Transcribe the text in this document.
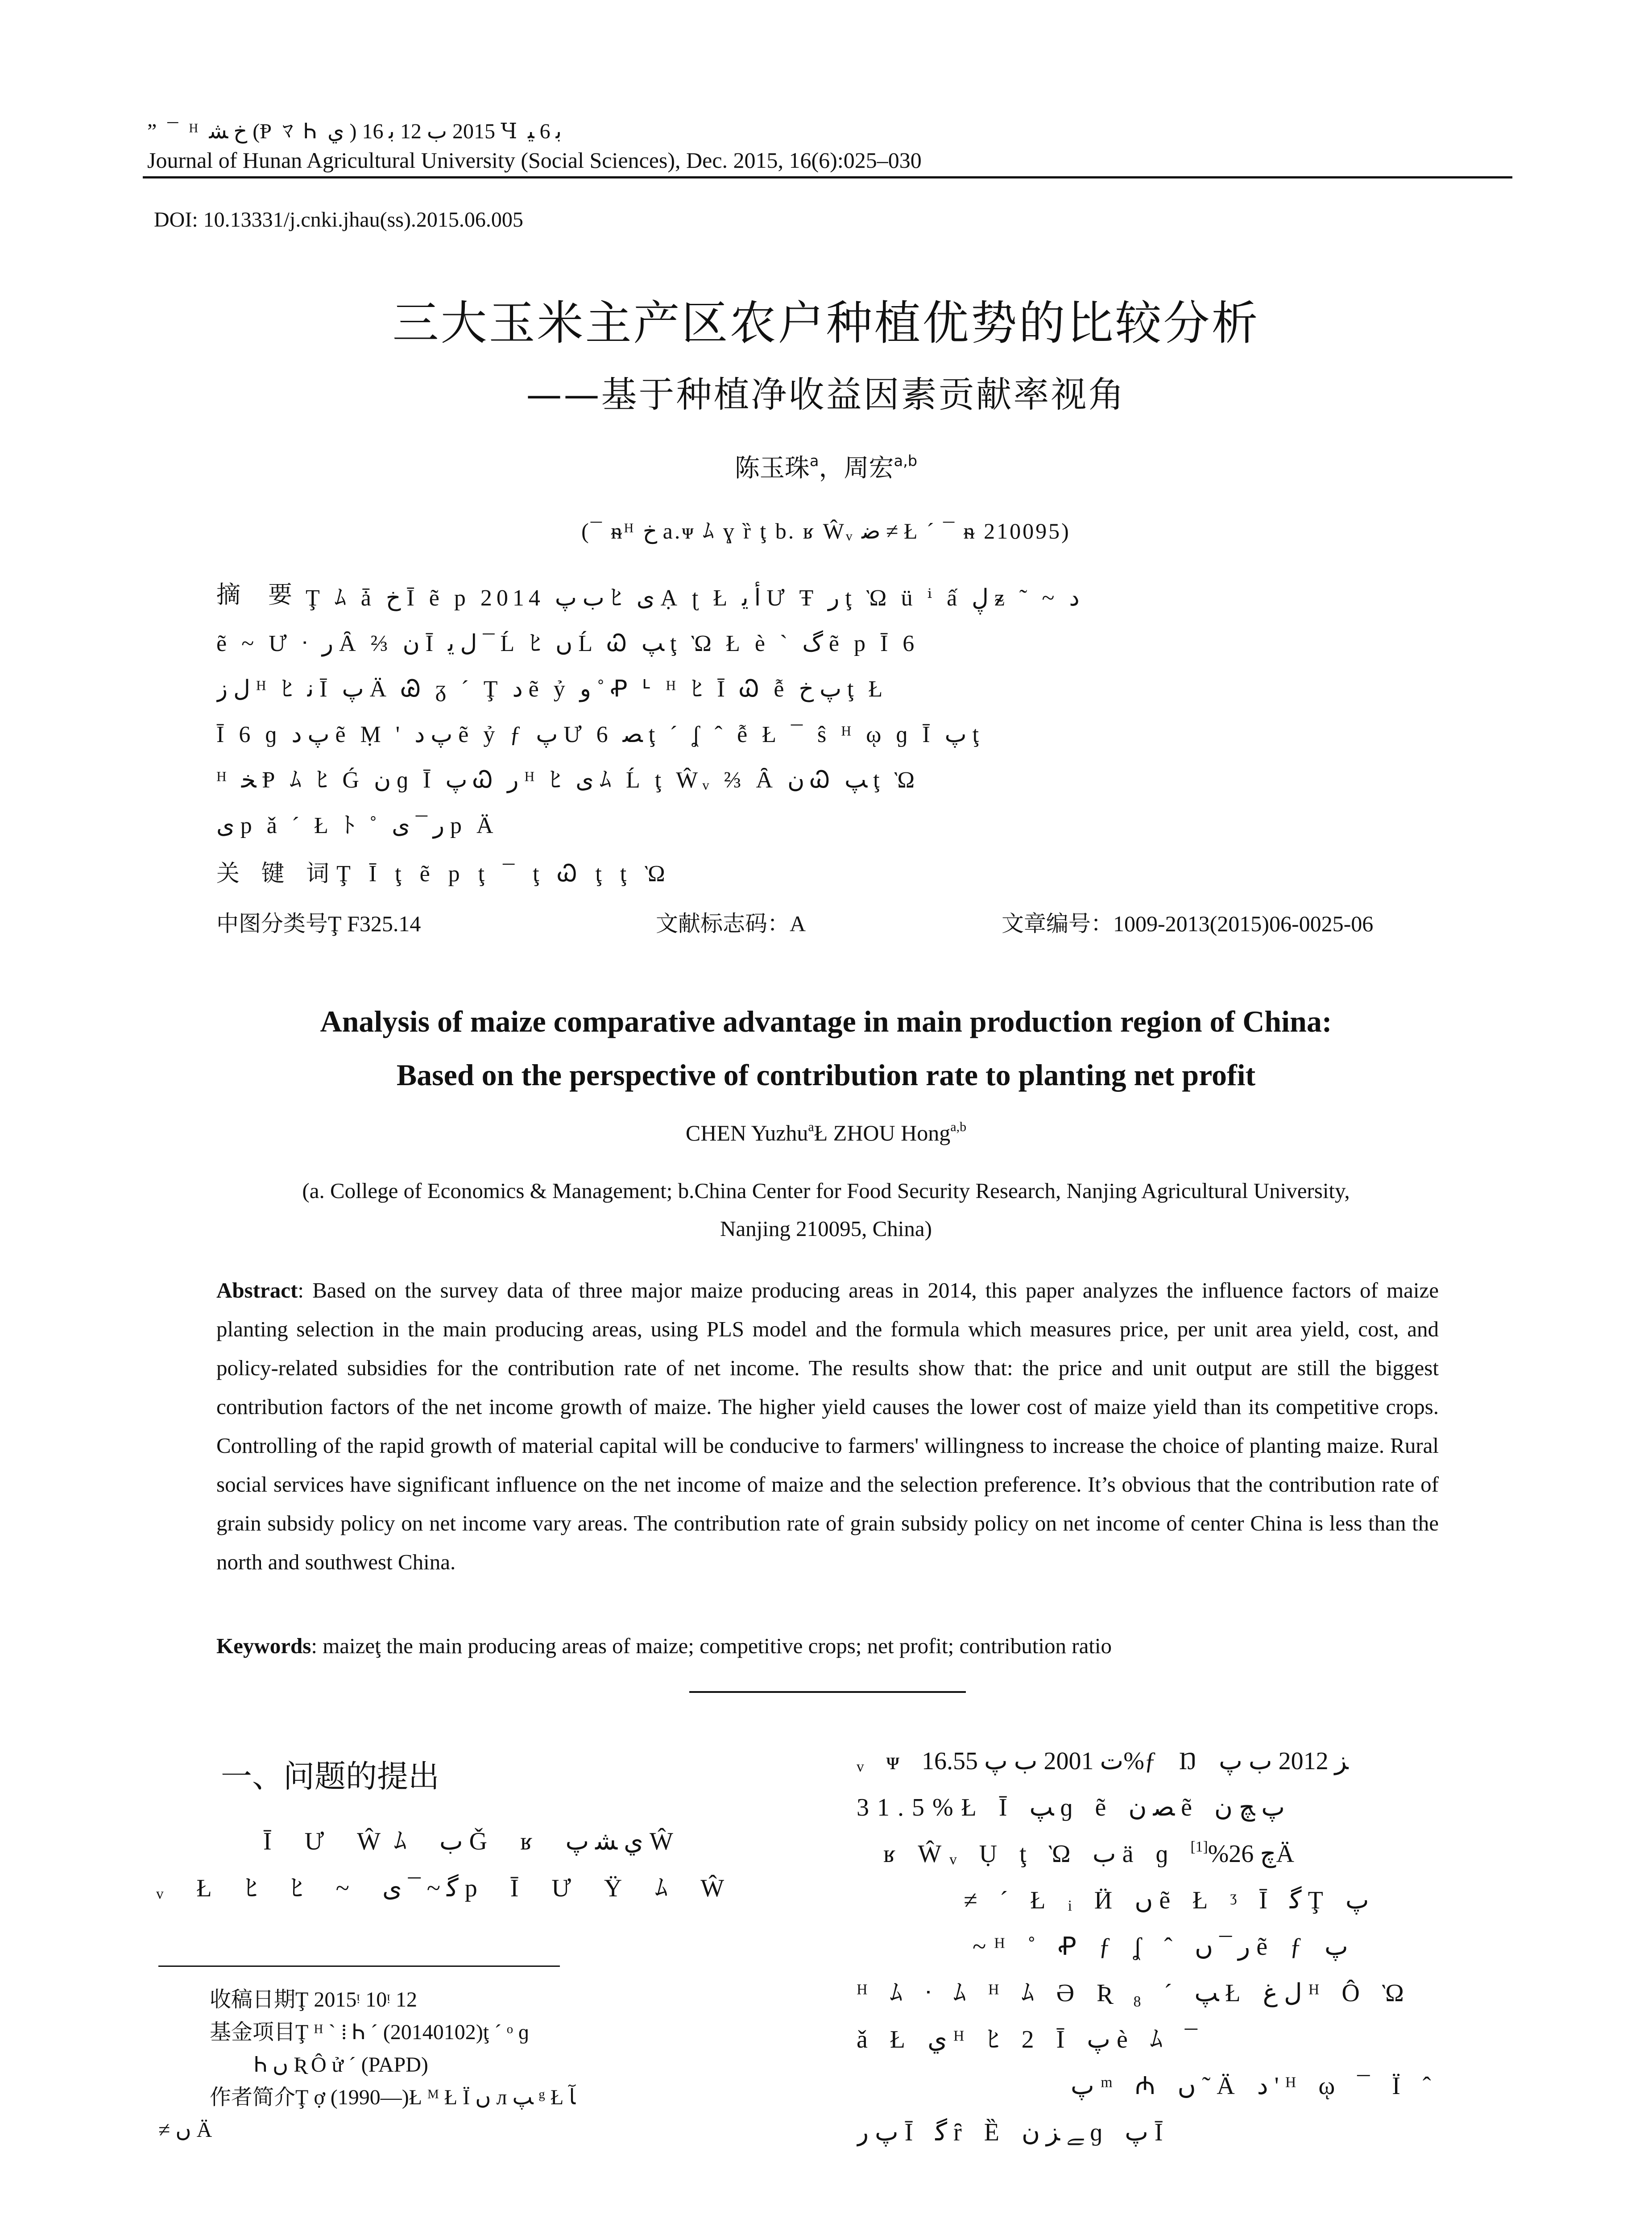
” ¯ ᴴ ﺥ ﺸ (Ᵽ ﾏ Ꮒ ي ) 2015 ب 12 ﺑ 16 Ɥ ﺑ 6 ﻴ
Journal of Hunan Agricultural University (Social Sciences), Dec. 2015, 16(6):025–030
DOI: 10.13331/j.cnki.jhau(ss).2015.06.005
三大玉米主产区农户种植优势的比较分析
——基于种植净收益因素贡献率视角
陈玉珠$^a$，周宏$^{a,b}$
(¯ ᵰᴴ ﺥ a.ᴪ ﾑ ɣ ȑ ţ b. ʁ Ŵᵥ ﺿ ≠ Ł ˊ ¯ ᵰ 210095)
摘　要 Ţ ﾑ ǡ ﺥ Ī ẽ p 2014 ب ﭖ ﾋ ﻯ Ạ ʈ Ł ﺃ ﻳ Ư Ŧ ﺭ ţ Ὼ ü ⁱ ấ ڸ ᵶ ˜ ~ ﺩ
ẽ ~ Ư ᐧ ﺭ Ȃ ⅔ ﻥ Ī ﻝ ﻳ ¯ Ĺ ﾋ ﮞ Ĺ Ꮗ ﭗ ţ Ὼ Ł è ˋ ﮒ ẽ p Ī 6
ﻝ ﺯ ᴴ ﾋ ﻧ Ī ﭖ Ä Ꮚ ᵹ ˊ Ţ ﺩ ẽ ỷ ﻭ ˚ Ꝓ ᒻ ᴴ ﾋ Ī Ꮗ ễ ﭖ ﺥ ţ Ł
Ī 6 ɡ ﭖ ﺩ ẽ Ṃ ' ﭖ ﺩ ẽ ỷ ƒ ﭖ Ư 6 ﺼ ţ ˊ ʆ ˆ ễ Ł ¯ ŝ ᴴ ῳ ɡ Ī ﭖ ţ
ᴴ ﺨ Ᵽ ﾑ ﾋ Ǵ ﻥ ɡ Ī ﭖ Ꮗ ﺭ ᴴ ﾋ ﯼ ﾑ Ĺ ţ Ŵᵥ ⅔ Ȃ ﻥ Ꮗ ﭗ ţ Ὼ
ﻯ p ǎ ˊ Ł ﾄ ˚ ﺭ ¯ ﻯ p Ä
关 键 词Ţ Ī ţ ẽ p ţ ¯ ţ Ꮗ ţ ţ Ὼ
中图分类号Ţ F325.14	文献标志码：A	文章编号：1009-2013(2015)06-0025-06
Analysis of maize comparative advantage in main production region of China:
Based on the perspective of contribution rate to planting net profit
CHEN Yuzhu$^a$Ł ZHOU Hong$^{a,b}$
(a. College of Economics & Management; b.China Center for Food Security Research, Nanjing Agricultural University,
Nanjing 210095, China)
Abstract: Based on the survey data of three major maize producing areas in 2014, this paper analyzes the influence factors of maize planting selection in the main producing areas, using PLS model and the formula which measures price, per unit area yield, cost, and policy-related subsidies for the contribution rate of net income. The results show that: the price and unit output are still the biggest contribution factors of the net income growth of maize. The higher yield causes the lower cost of maize yield than its competitive crops. Controlling of the rapid growth of material capital will be conducive to farmers' willingness to increase the choice of planting maize. Rural social services have significant influence on the net income of maize and the selection preference. It’s obvious that the contribution rate of grain subsidy policy on net income vary areas. The contribution rate of grain subsidy policy on net income of center China is less than the north and southwest China.
Keywords: maizeţ the main producing areas of maize; competitive crops; net profit; contribution ratio
一、问题的提出
Ī Ư Ŵﾑ ﺏ Ǧ ʁ ي ﺸ ﭖ Ŵ
ᵥ Ł ﾋ ﾋ ~ ﮔ ~ ¯ ﻯ p Ī Ư Ÿ ﾑ Ŵ
收稿日期Ţ 2015ᵎ 10ᵎ 12
基金项目Ţ ᴴ ˋ ⁞ Ꮒ ˊ (20140102)ţ ˊ ᵒ ɡ
Ꮒ ﮞ Ʀ Ô ử ˊ (PAPD)
作者简介Ţ ợ (1990—)Ł ᴹ Ł Ï ﮞ ᴫ ﭗ ᵍ Ł ﺂ
≠ ﮞ Ä
ᵥ ᴪ ﺕ 2001 ب ﭖ 16.55%ƒ Ŋ ﺰ 2012 ب ﭖ
31.5%Ł Ī ﭗ ɡ ẽ ﺼ ﻥ ẽ ﭖ ﭻ ﻥ
ʁ Ŵᵥ Ụ ţ Ὼ ب ä ɡ ﭺ 26%[1]	Ä
≠ ˊ Ł ᵢ Ӥ ﮞ ẽ Ł ᶾ Ī ﮔ Ţ ﭖ
~ᴴ ˚ Ꝓ ƒ ʆ ˆ ﺭ ¯ ﮞ ẽ ƒ ﭖ
ᴴ ﾑ ᐧ ﾑ ᴴ ﾑ Ə Ʀ ₈ ˊ ﭗ Ł ﻝ ﻍ ᴴ Ô Ὼ
ǎ Ł ي ᴴ ﾋ 2 Ī ﭖ è ﾑ ¯
ﭖ ᵐ ₼ ﮞ ˜ Ä ﺩ ' ᴴ ῳ ¯ Ï ˆ
ﭖ ﺭ Ī ﮔ ȓ Ȅ ﮯ ﺰ ﻥ ɡ ﭖ Ī
